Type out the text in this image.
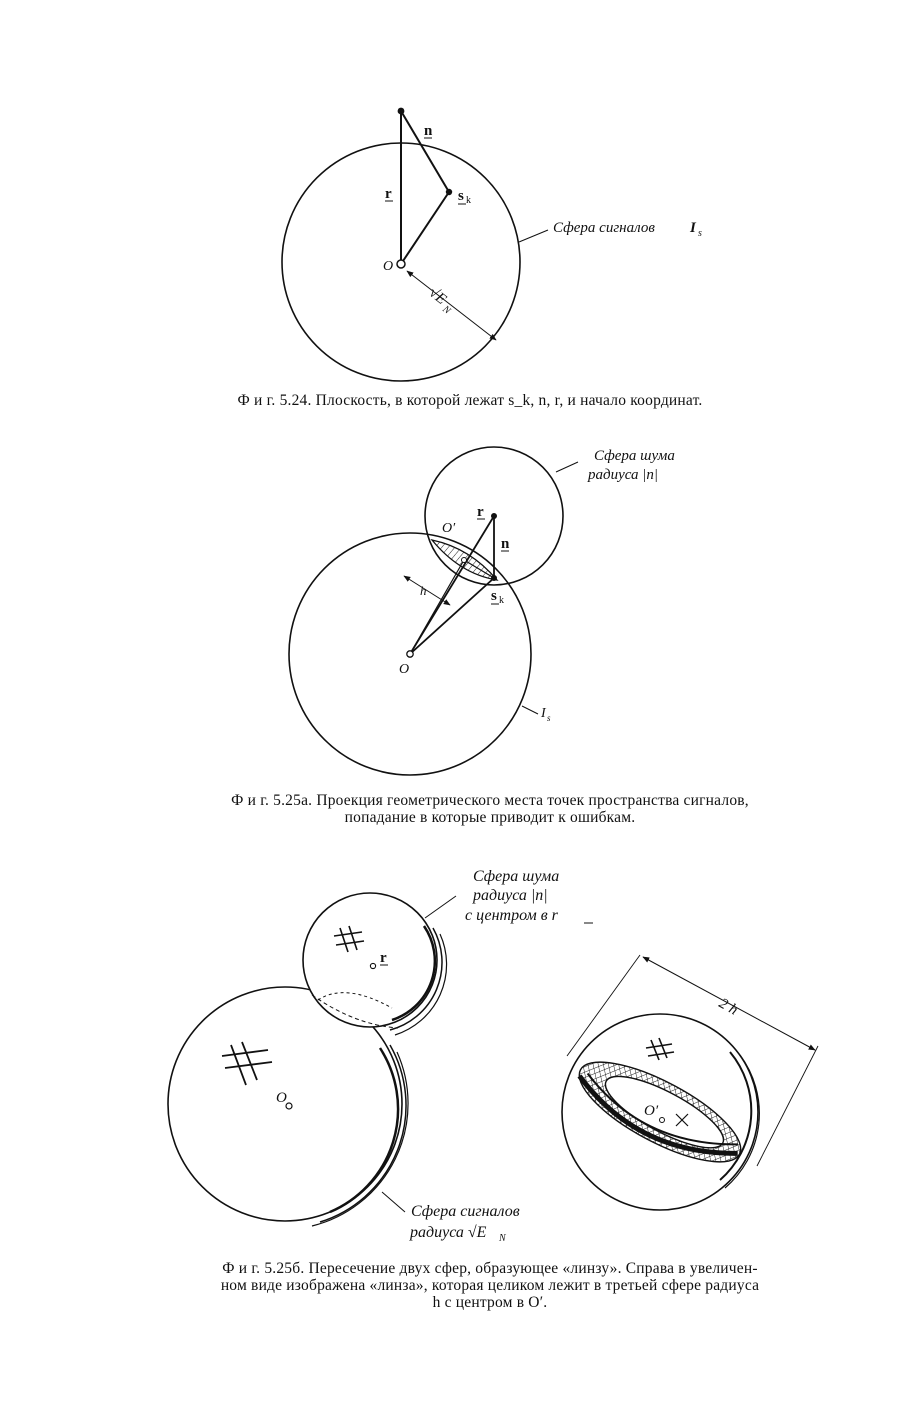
n
r	s k
O
√E
N
Сфера сигналов I s
Сфера шума
радиуса |n|
r
n
O′
h	s k
O
I s
O
r
Сфера шума
радиуса |n|
с центром в r
Сфера сигналов
радиуса √E N
O′
2 h
Ф и г. 5.24. Плоскость, в которой лежат s_k, n, r, и начало координат.
Ф и г. 5.25а. Проекция геометрического места точек пространства сигналов,
попадание в которые приводит к ошибкам.
Ф и г. 5.25б. Пересечение двух сфер, образующее «линзу». Справа в увеличен-
ном виде изображена «линза», которая целиком лежит в третьей сфере радиуса
h с центром в O′.
